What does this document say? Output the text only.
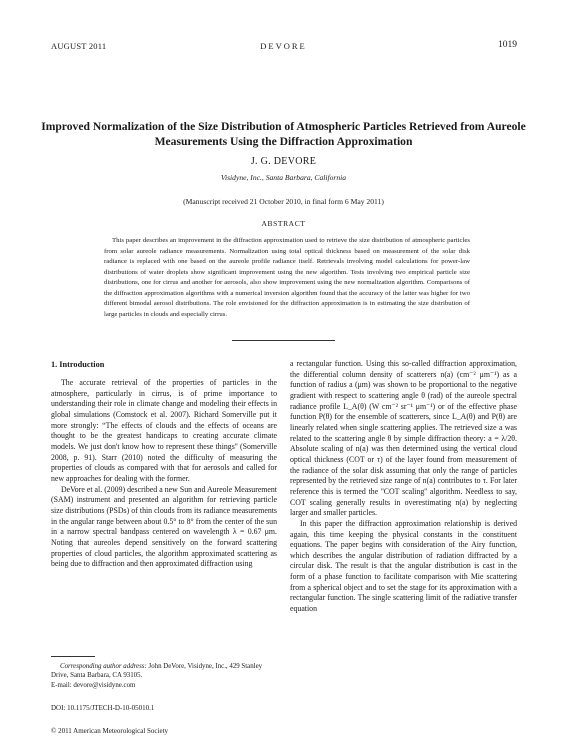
AUGUST 2011	DEVORE	1019
Improved Normalization of the Size Distribution of Atmospheric Particles Retrieved from Aureole Measurements Using the Diffraction Approximation
J. G. DEVORE
Visidyne, Inc., Santa Barbara, California
(Manuscript received 21 October 2010, in final form 6 May 2011)
ABSTRACT
This paper describes an improvement in the diffraction approximation used to retrieve the size distribution of atmospheric particles from solar aureole radiance measurements. Normalization using total optical thickness based on measurement of the solar disk radiance is replaced with one based on the aureole profile radiance itself. Retrievals involving model calculations for power-law distributions of water droplets show significant improvement using the new algorithm. Tests involving two empirical particle size distributions, one for cirrus and another for aerosols, also show improvement using the new normalization algorithm. Comparisons of the diffraction approximation algorithms with a numerical inversion algorithm found that the accuracy of the latter was higher for two different bimodal aerosol distributions. The role envisioned for the diffraction approximation is in estimating the size distribution of large particles in clouds and especially cirrus.
1. Introduction

The accurate retrieval of the properties of particles in the atmosphere, particularly in cirrus, is of prime importance to understanding their role in climate change and modeling their effects in global simulations (Comstock et al. 2007). Richard Somerville put it more strongly: “The effects of clouds and the effects of oceans are thought to be the greatest handicaps to creating accurate climate models. We just don't know how to represent these things'' (Somerville 2008, p. 91). Starr (2010) noted the difficulty of measuring the properties of clouds as compared with that for aerosols and called for new approaches for dealing with the former.

DeVore et al. (2009) described a new Sun and Aureole Measurement (SAM) instrument and presented an algorithm for retrieving particle size distributions (PSDs) of thin clouds from its radiance measurements in the angular range between about 0.5° to 8° from the center of the sun in a narrow spectral bandpass centered on wavelength λ = 0.67 μm. Noting that aureoles depend sensitively on the forward scattering properties of cloud particles, the algorithm approximated scattering as being due to diffraction and then approximated diffraction using

a rectangular function. Using this so-called diffraction approximation, the differential column density of scatterers n(a) (cm⁻² μm⁻¹) as a function of radius a (μm) was shown to be proportional to the negative gradient with respect to scattering angle θ (rad) of the aureole spectral radiance profile L_A(θ) (W cm⁻² sr⁻¹ μm⁻¹) or of the effective phase function P(θ) for the ensemble of scatterers, since L_A(θ) and P(θ) are linearly related when single scattering applies. The retrieved size a was related to the scattering angle θ by simple diffraction theory: a = λ/2θ. Absolute scaling of n(a) was then determined using the vertical cloud optical thickness (COT or τ) of the layer found from measurement of the radiance of the solar disk assuming that only the range of particles represented by the retrieved size range of n(a) contributes to τ. For later reference this is termed the ''COT scaling'' algorithm. Needless to say, COT scaling generally results in overestimating n(a) by neglecting larger and smaller particles.

In this paper the diffraction approximation relationship is derived again, this time keeping the physical constants in the constituent equations. The paper begins with consideration of the Airy function, which describes the angular distribution of radiation diffracted by a circular disk. The result is that the angular distribution is cast in the form of a phase function to facilitate comparison with Mie scattering from a spherical object and to set the stage for its approximation with a rectangular function. The single scattering limit of the radiative transfer equation

Corresponding author address: John DeVore, Visidyne, Inc., 429 Stanley Drive, Santa Barbara, CA 93105.
E-mail: devore@visidyne.com
DOI: 10.1175/JTECH-D-10-05010.1
© 2011 American Meteorological Society
